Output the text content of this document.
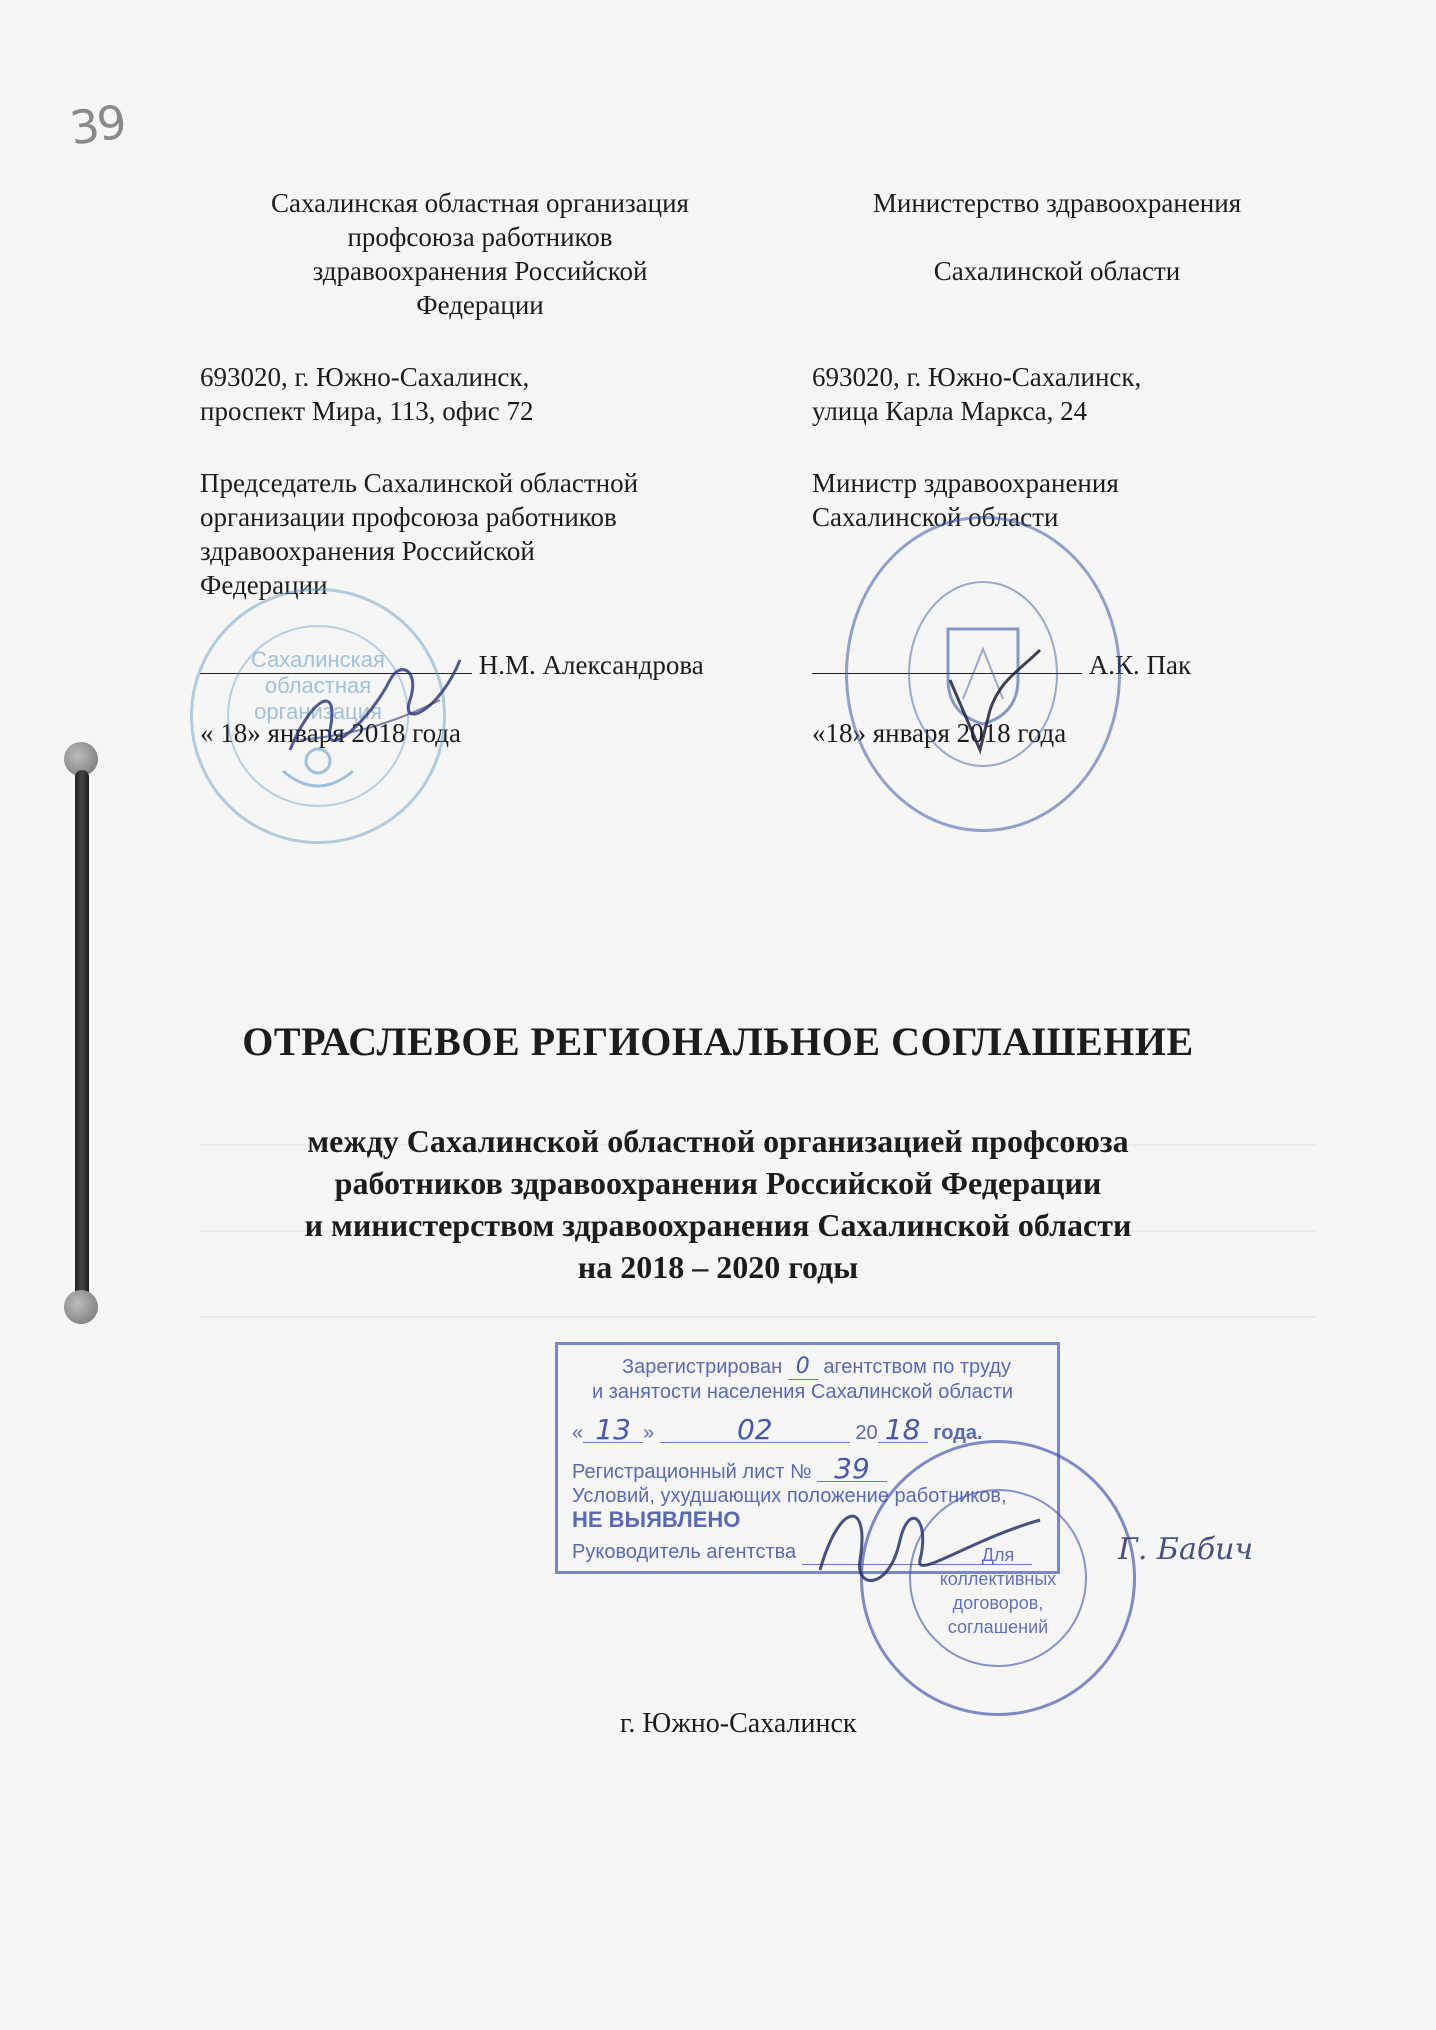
39

Сахалинская областная организация

профсоюза работников

здравоохранения Российской

Федерации

693020, г. Южно-Сахалинск,

проспект Мира, 113, офис 72

Председатель Сахалинской областной

организации профсоюза работников

здравоохранения Российской

Федерации

Н.М. Александрова

« 18» января 2018 года

Министерство здравоохранения

Сахалинской области

693020, г. Южно-Сахалинск,

улица Карла Маркса, 24

Министр здравоохранения

Сахалинской области

А.К. Пак

«18» января 2018 года

Сахалинская
областная
организация
ОТРАСЛЕВОЕ РЕГИОНАЛЬНОЕ СОГЛАШЕНИЕ
между Сахалинской областной организацией профсоюза
работников здравоохранения Российской Федерации
и министерством здравоохранения Сахалинской области
на 2018 – 2020 годы
Зарегистрирован 0 агентством по труду
и занятости населения Сахалинской области
« 13 »	02	20 18 года.
Регистрационный лист № 39
Условий, ухудшающих положение работников,
НЕ ВЫЯВЛЕНО
Руководитель агентства	Для
коллективных
договоров,
соглашений
Г. Бабич
г. Южно-Сахалинск
